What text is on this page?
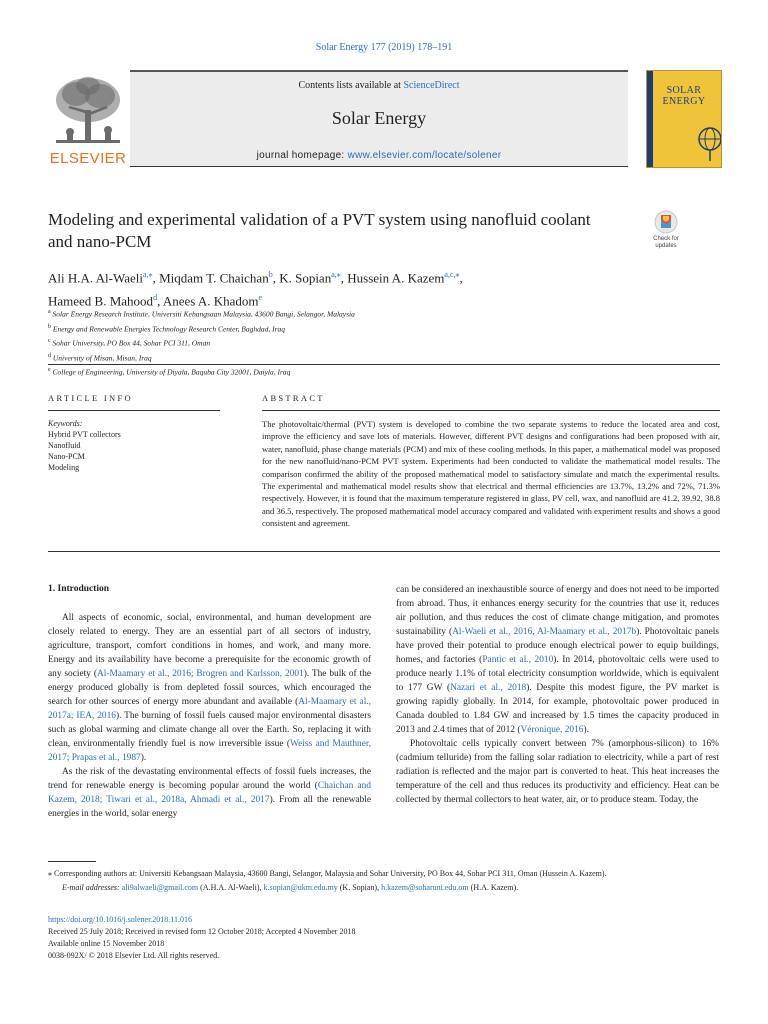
Solar Energy 177 (2019) 178–191
ELSEVIER
Contents lists available at ScienceDirect
Solar Energy
journal homepage: www.elsevier.com/locate/solener
SOLAR
ENERGY
Modeling and experimental validation of a PVT system using nanofluid coolant and nano-PCM	Check for updates
Ali H.A. Al-Waeli$^{a,⁎}$, Miqdam T. Chaichan$^b$, K. Sopian$^{a,⁎}$, Hussein A. Kazem$^{a,c,⁎}$,
Hameed B. Mahood$^d$, Anees A. Khadom$^e$
$^a$ Solar Energy Research Institute, Universiti Kebangsaan Malaysia, 43600 Bangi, Selangor, Malaysia
$^b$ Energy and Renewable Energies Technology Research Center, Baghdad, Iraq
$^c$ Sohar University, PO Box 44, Sohar PCI 311, Oman
$^d$ University of Misan, Misan, Iraq
$^e$ College of Engineering, University of Diyala, Baquba City 32001, Daiyla, Iraq
ARTICLE INFO	ABSTRACT
Keywords:
Hybrid PVT collectors
Nanofluid
Nano-PCM
Modeling
The photovoltaic/thermal (PVT) system is developed to combine the two separate systems to reduce the located area and cost, improve the efficiency and save lots of materials. However, different PVT designs and configurations had been proposed with air, water, nanofluid, phase change materials (PCM) and mix of these cooling methods. In this paper, a mathematical model was proposed for the new nanofluid/nano-PCM PVT system. Experiments had been conducted to validate the mathematical model results. The comparison confirmed the ability of the proposed mathematical model to satisfactory simulate and match the experimental results. The experimental and mathematical model results show that electrical and thermal efficiencies are 13.7%, 13.2% and 72%, 71.3% respectively. However, it is found that the maximum temperature registered in glass, PV cell, wax, and nanofluid are 41.2, 39.92, 38.8 and 36.5, respectively. The proposed mathematical model accuracy compared and validated with experiment results and shows a good consistent and agreement.
1. Introduction

All aspects of economic, social, environmental, and human development are closely related to energy. They are an essential part of all sectors of industry, agriculture, transport, comfort conditions in homes, and work, and many more. Energy and its availability have become a prerequisite for the economic growth of any society (Al-Maamary et al., 2016; Brogren and Karlsson, 2001). The bulk of the energy produced globally is from depleted fossil sources, which encouraged the search for other sources of energy more abundant and available (Al-Maamary et al., 2017a; IEA, 2016). The burning of fossil fuels caused major environmental disasters such as global warming and climate change all over the Earth. So, replacing it with clean, environmentally friendly fuel is now irreversible issue (Weiss and Mauthner, 2017; Prapas et al., 1987).

As the risk of the devastating environmental effects of fossil fuels increases, the trend for renewable energy is becoming popular around the world (Chaichan and Kazem, 2018; Tiwari et al., 2018a, Ahmadi et al., 2017). From all the renewable energies in the world, solar energy

can be considered an inexhaustible source of energy and does not need to be imported from abroad. Thus, it enhances energy security for the countries that use it, reduces air pollution, and thus reduces the cost of climate change mitigation, and promotes sustainability (Al-Waeli et al., 2016, Al-Maamary et al., 2017b). Photovoltaic panels have proved their potential to produce enough electrical power to equip buildings, homes, and factories (Pantic et al., 2010). In 2014, photovoltaic cells were used to produce nearly 1.1% of total electricity consumption worldwide, which is equivalent to 177 GW (Nazari et al., 2018). Despite this modest figure, the PV market is growing rapidly globally. In 2014, for example, photovoltaic power produced in Canada doubled to 1.84 GW and increased by 1.5 times the capacity produced in 2013 and 2.4 times that of 2012 (Véronique, 2016).

Photovoltaic cells typically convert between 7% (amorphous-silicon) to 16% (cadmium telluride) from the falling solar radiation to electricity, while a part of rest radiation is reflected and the major part is converted to heat. This heat increases the temperature of the cell and thus reduces its productivity and efficiency. Heat can be collected by thermal collectors to heat water, air, or to produce steam. Today, the

⁎ Corresponding authors at: Universiti Kebangsaan Malaysia, 43600 Bangi, Selangor, Malaysia and Sohar University, PO Box 44, Sohar PCI 311, Oman (Hussein A. Kazem).
E-mail addresses: ali9alwaeli@gmail.com (A.H.A. Al-Waeli), k.sopian@ukm.edu.my (K. Sopian), h.kazem@soharuni.edu.om (H.A. Kazem).
https://doi.org/10.1016/j.solener.2018.11.016
Received 25 July 2018; Received in revised form 12 October 2018; Accepted 4 November 2018
Available online 15 November 2018
0038-092X/ © 2018 Elsevier Ltd. All rights reserved.
